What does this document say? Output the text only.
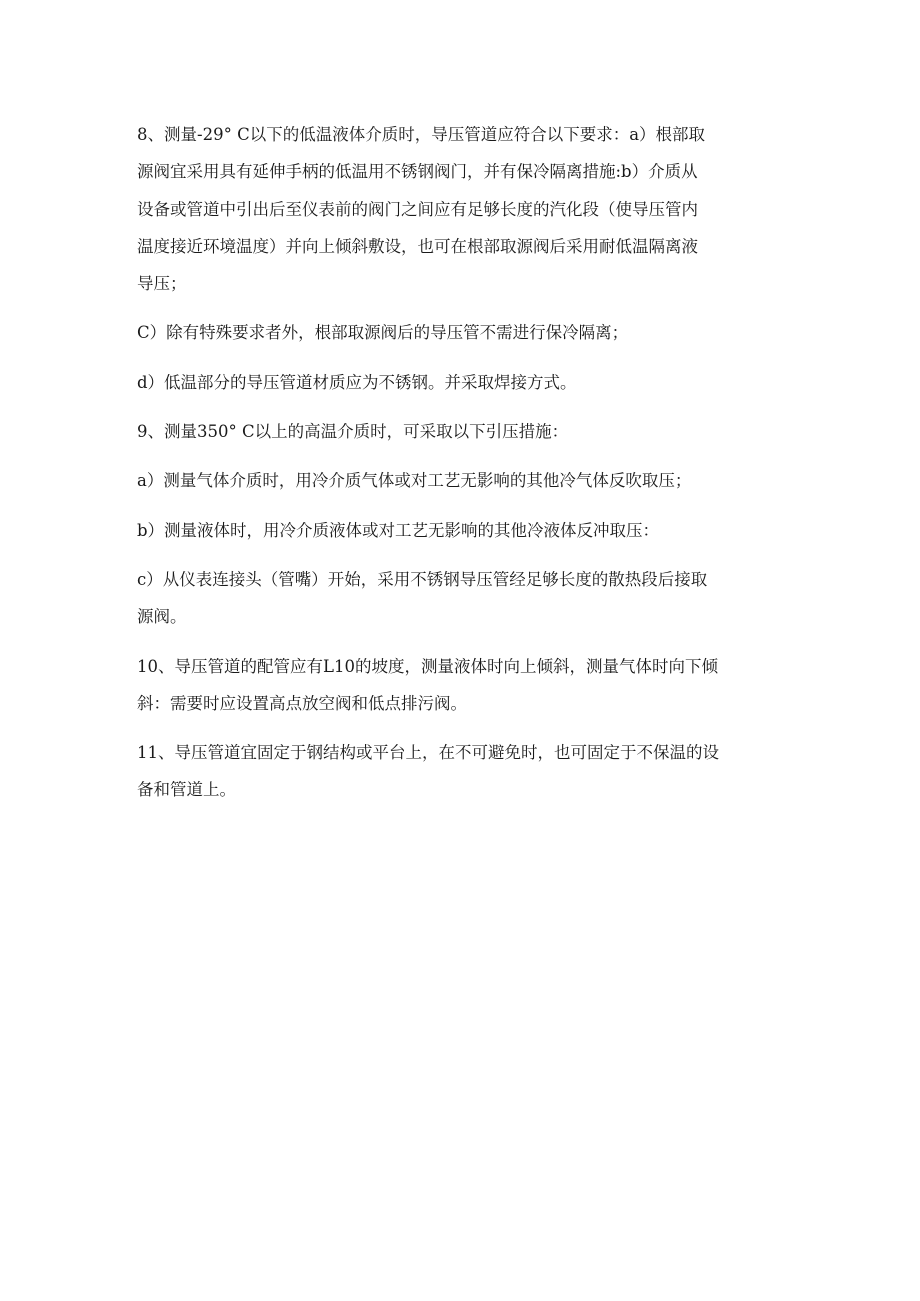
8、测量-29° C以下的低温液体介质时，导压管道应符合以下要求：a）根部取
源阀宜采用具有延伸手柄的低温用不锈钢阀门，并有保冷隔离措施:b）介质从
设备或管道中引出后至仪表前的阀门之间应有足够长度的汽化段（使导压管内
温度接近环境温度）并向上倾斜敷设，也可在根部取源阀后采用耐低温隔离液
导压；

C）除有特殊要求者外，根部取源阀后的导压管不需进行保冷隔离；

d）低温部分的导压管道材质应为不锈钢。并采取焊接方式。

9、测量350° C以上的高温介质时，可采取以下引压措施：

a）测量气体介质时，用冷介质气体或对工艺无影响的其他冷气体反吹取压；

b）测量液体时，用冷介质液体或对工艺无影响的其他冷液体反冲取压：

c）从仪表连接头（管嘴）开始，采用不锈钢导压管经足够长度的散热段后接取
源阀。

10、导压管道的配管应有L10的坡度，测量液体时向上倾斜，测量气体时向下倾
斜：需要时应设置高点放空阀和低点排污阀。

11、导压管道宜固定于钢结构或平台上，在不可避免时，也可固定于不保温的设
备和管道上。
